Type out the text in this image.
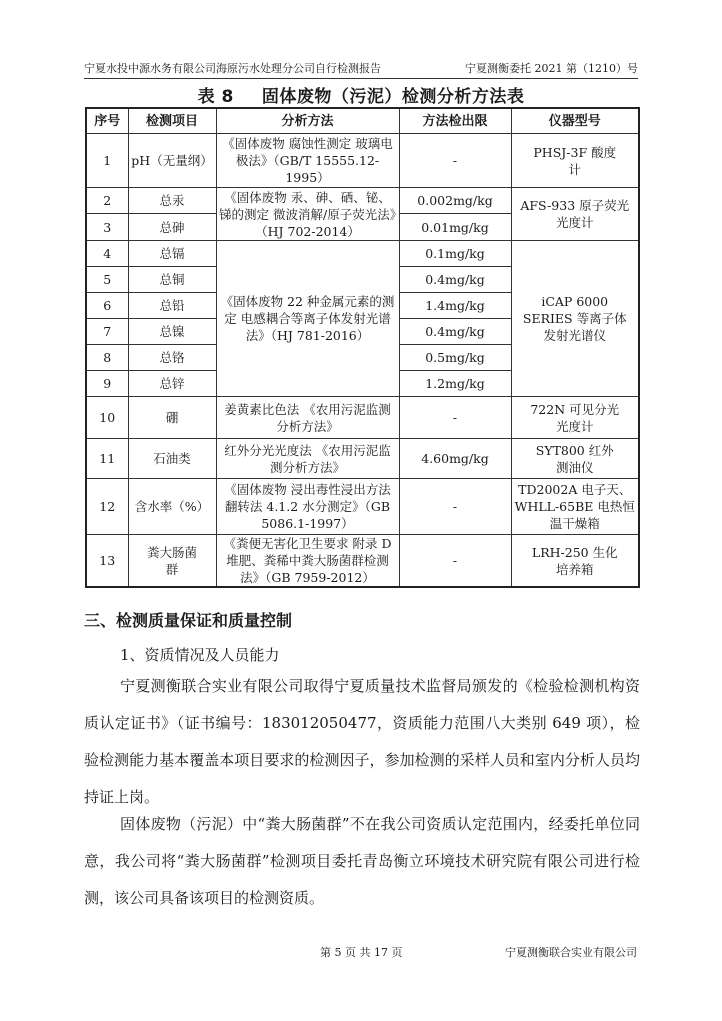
宁夏水投中源水务有限公司海原污水处理分公司自行检测报告	宁夏测衡委托 2021 第（1210）号
表 8 固体废物（污泥）检测分析方法表
序号	检测项目	分析方法	方法检出限	仪器型号
1	pH（无量纲）	《固体废物 腐蚀性测定 玻璃电极法》（GB/T 15555.12-1995）	-	PHSJ-3F 酸度计
2	总汞	《固体废物 汞、砷、硒、铋、锑的测定 微波消解/原子荧光法》（HJ 702-2014）	0.002mg/kg	AFS-933 原子荧光光度计
3	总砷		0.01mg/kg	
4	总镉	《固体废物 22 种金属元素的测定 电感耦合等离子体发射光谱法》（HJ 781-2016）	0.1mg/kg	iCAP 6000 SERIES 等离子体发射光谱仪
5	总铜		0.4mg/kg	
6	总铅		1.4mg/kg	
7	总镍		0.4mg/kg	
8	总铬		0.5mg/kg	
9	总锌		1.2mg/kg	
10	硼	姜黄素比色法 《农用污泥监测分析方法》	-	722N 可见分光光度计
11	石油类	红外分光光度法 《农用污泥监测分析方法》	4.60mg/kg	SYT800 红外测油仪
12	含水率（%）	《固体废物 浸出毒性浸出方法 翻转法 4.1.2 水分测定》（GB 5086.1-1997）	-	TD2002A 电子天、WHLL-65BE 电热恒温干燥箱
13	粪大肠菌群	《粪便无害化卫生要求 附录 D 堆肥、粪稀中粪大肠菌群检测法》（GB 7959-2012）	-	LRH-250 生化培养箱
三、检测质量保证和质量控制
1、资质情况及人员能力

宁夏测衡联合实业有限公司取得宁夏质量技术监督局颁发的《检验检测机构资质认定证书》（证书编号：183012050477，资质能力范围八大类别 649 项），检验检测能力基本覆盖本项目要求的检测因子，参加检测的采样人员和室内分析人员均持证上岗。

固体废物（污泥）中“粪大肠菌群”不在我公司资质认定范围内，经委托单位同意，我公司将“粪大肠菌群”检测项目委托青岛衡立环境技术研究院有限公司进行检测，该公司具备该项目的检测资质。

第 5 页 共 17 页	宁夏测衡联合实业有限公司
